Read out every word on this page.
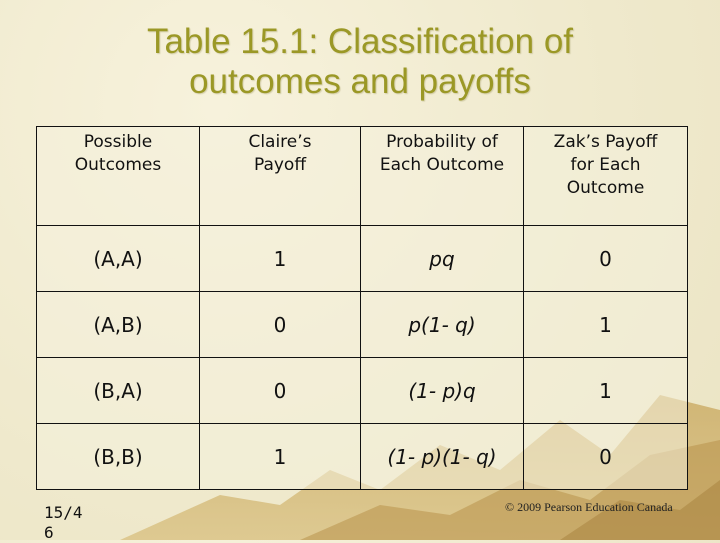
Table 15.1: Classification of
outcomes and payoffs
Possible Outcomes	Claire’s Payoff	Probability of Each Outcome	Zak’s Payoff for Each Outcome

(A,A)	1	pq	0
(A,B)	0	p(1- q)	1
(B,A)	0	(1- p)q	1
(B,B)	1	(1- p)(1- q)	0
15/4
6
© 2009 Pearson Education Canada
